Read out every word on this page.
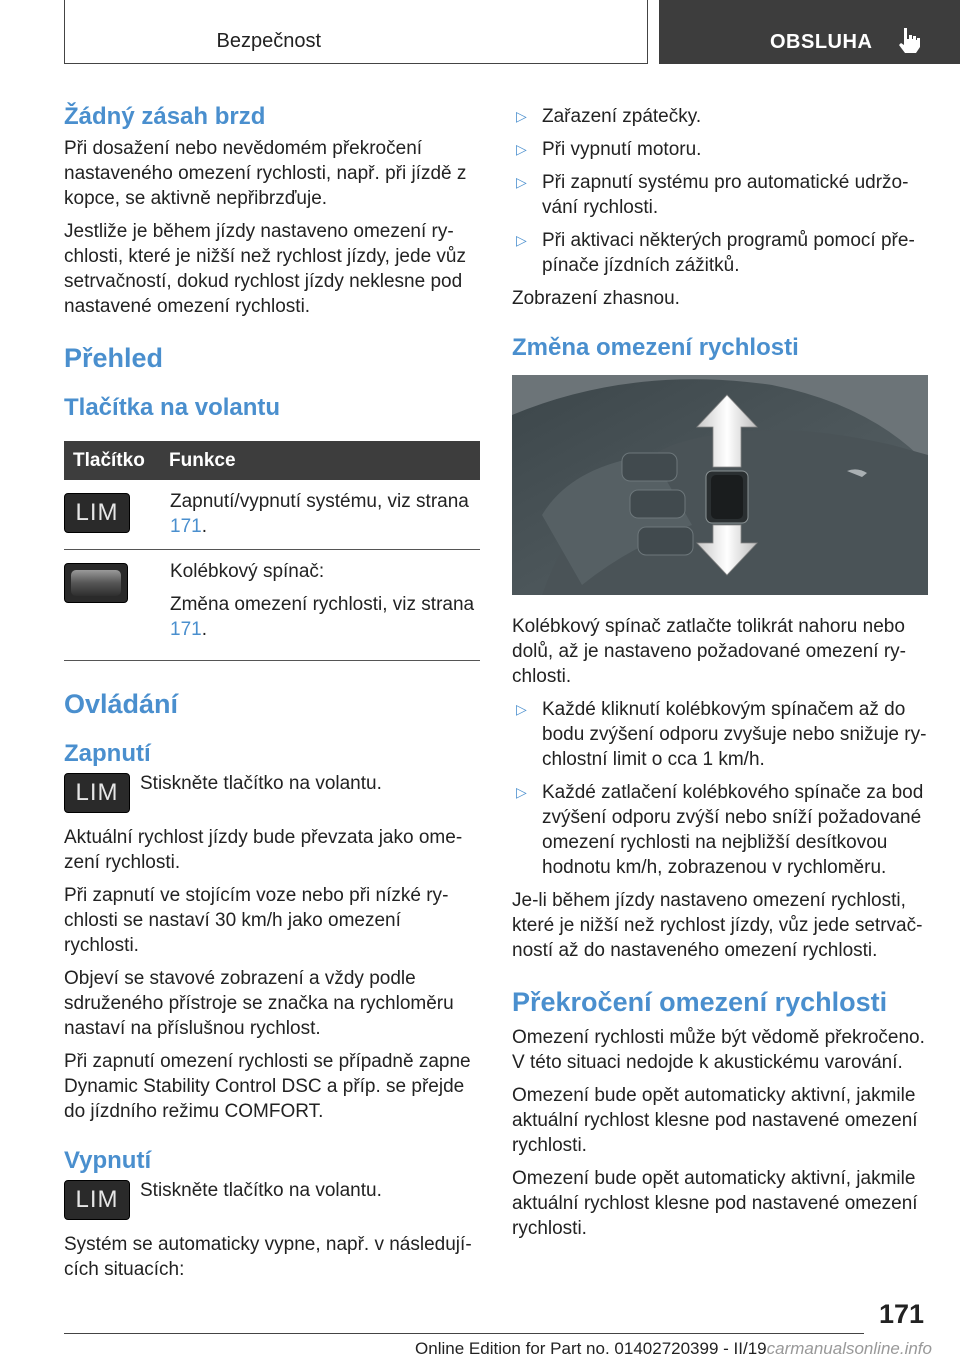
Bezpečnost	OBSLUHA
Žádný zásah brzd

Při dosažení nebo nevědomém překročení nastaveného omezení rychlosti, např. při jízdě z kopce, se aktivně nepřibrzďuje.

Jestliže je během jízdy nastaveno omezení rychlosti, které je nižší než rychlost jízdy, jede vůz setrvačností, dokud rychlost jízdy neklesne pod nastavené omezení rychlosti.

Přehled
Tlačítka na volantu
Tlačítko	Funkce

LIM	Zapnutí/vypnutí systému, viz strana 171.

	Kolébkový spínač:

Změna omezení rychlosti, viz strana 171.
Ovládání
Zapnutí
LIM	Stiskněte tlačítko na volantu.

Aktuální rychlost jízdy bude převzata jako omezení rychlosti.

Při zapnutí ve stojícím voze nebo při nízké rychlosti se nastaví 30 km/h jako omezení rychlosti.

Objeví se stavové zobrazení a vždy podle sdruženého přístroje se značka na rychloměru nastaví na příslušnou rychlost.

Při zapnutí omezení rychlosti se případně zapne Dynamic Stability Control DSC a příp. se přejde do jízdního režimu COMFORT.

Vypnutí
LIM	Stiskněte tlačítko na volantu.

Systém se automaticky vypne, např. v následujících situacích:

▷ Zařazení zpátečky.
▷ Při vypnutí motoru.
▷ Při zapnutí systému pro automatické udržování rychlosti.
▷ Při aktivaci některých programů pomocí přepínače jízdních zážitků.

Zobrazení zhasnou.

Změna omezení rychlosti

Kolébkový spínač zatlačte tolikrát nahoru nebo dolů, až je nastaveno požadované omezení rychlosti.

▷ Každé kliknutí kolébkovým spínačem až do bodu zvýšení odporu zvyšuje nebo snižuje rychlostní limit o cca 1 km/h.
▷ Každé zatlačení kolébkového spínače za bod zvýšení odporu zvýší nebo sníží požadované omezení rychlosti na nejbližší desítkovou hodnotu km/h, zobrazenou v rychloměru.

Je-li během jízdy nastaveno omezení rychlosti, které je nižší než rychlost jízdy, vůz jede setrvačností až do nastaveného omezení rychlosti.

Překročení omezení rychlosti

Omezení rychlosti může být vědomě překročeno. V této situaci nedojde k akustickému varování.

Omezení bude opět automaticky aktivní, jakmile aktuální rychlost klesne pod nastavené omezení rychlosti.

Omezení bude opět automaticky aktivní, jakmile aktuální rychlost klesne pod nastavené omezení rychlosti.

171
Online Edition for Part no. 01402720399 - II/19carmanualsonline.info
